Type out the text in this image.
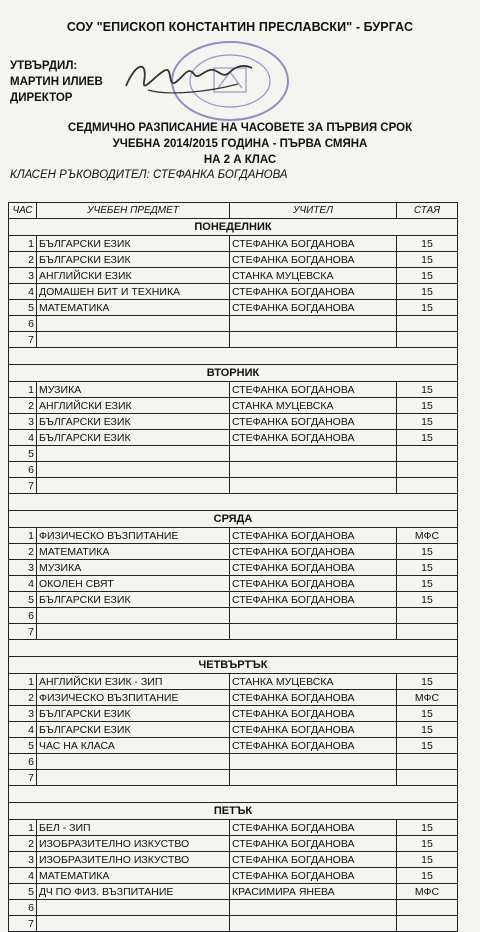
СОУ "ЕПИСКОП КОНСТАНТИН ПРЕСЛАВСКИ" - БУРГАС
УТВЪРДИЛ:
МАРТИН ИЛИЕВ
ДИРЕКТОР
СЕДМИЧНО РАЗПИСАНИЕ НА ЧАСОВЕТЕ ЗА ПЪРВИЯ СРОК
УЧЕБНА 2014/2015 ГОДИНА - ПЪРВА СМЯНА
НА 2 А КЛАС
КЛАСЕН РЪКОВОДИТЕЛ: СТЕФАНКА БОГДАНОВА
ЧАС	УЧЕБЕН ПРЕДМЕТ	УЧИТЕЛ	СТАЯ
ПОНЕДЕЛНИК			
1	БЪЛГАРСКИ ЕЗИК	СТЕФАНКА БОГДАНОВА	15
2	БЪЛГАРСКИ ЕЗИК	СТЕФАНКА БОГДАНОВА	15
3	АНГЛИЙСКИ ЕЗИК	СТАНКА МУЦЕВСКА	15
4	ДОМАШЕН БИТ И ТЕХНИКА	СТЕФАНКА БОГДАНОВА	15
5	МАТЕМАТИКА	СТЕФАНКА БОГДАНОВА	15
6			
7			

ВТОРНИК			
1	МУЗИКА	СТЕФАНКА БОГДАНОВА	15
2	АНГЛИЙСКИ ЕЗИК	СТАНКА МУЦЕВСКА	15
3	БЪЛГАРСКИ ЕЗИК	СТЕФАНКА БОГДАНОВА	15
4	БЪЛГАРСКИ ЕЗИК	СТЕФАНКА БОГДАНОВА	15
5			
6			
7			

СРЯДА			
1	ФИЗИЧЕСКО ВЪЗПИТАНИЕ	СТЕФАНКА БОГДАНОВА	МФС
2	МАТЕМАТИКА	СТЕФАНКА БОГДАНОВА	15
3	МУЗИКА	СТЕФАНКА БОГДАНОВА	15
4	ОКОЛЕН СВЯТ	СТЕФАНКА БОГДАНОВА	15
5	БЪЛГАРСКИ ЕЗИК	СТЕФАНКА БОГДАНОВА	15
6			
7			

ЧЕТВЪРТЪК			
1	АНГЛИЙСКИ ЕЗИК - ЗИП	СТАНКА МУЦЕВСКА	15
2	ФИЗИЧЕСКО ВЪЗПИТАНИЕ	СТЕФАНКА БОГДАНОВА	МФС
3	БЪЛГАРСКИ ЕЗИК	СТЕФАНКА БОГДАНОВА	15
4	БЪЛГАРСКИ ЕЗИК	СТЕФАНКА БОГДАНОВА	15
5	ЧАС НА КЛАСА	СТЕФАНКА БОГДАНОВА	15
6			
7			

ПЕТЪК			
1	БЕЛ - ЗИП	СТЕФАНКА БОГДАНОВА	15
2	ИЗОБРАЗИТЕЛНО ИЗКУСТВО	СТЕФАНКА БОГДАНОВА	15
3	ИЗОБРАЗИТЕЛНО ИЗКУСТВО	СТЕФАНКА БОГДАНОВА	15
4	МАТЕМАТИКА	СТЕФАНКА БОГДАНОВА	15
5	ДЧ ПО ФИЗ. ВЪЗПИТАНИЕ	КРАСИМИРА ЯНЕВА	МФС
6			
7			
